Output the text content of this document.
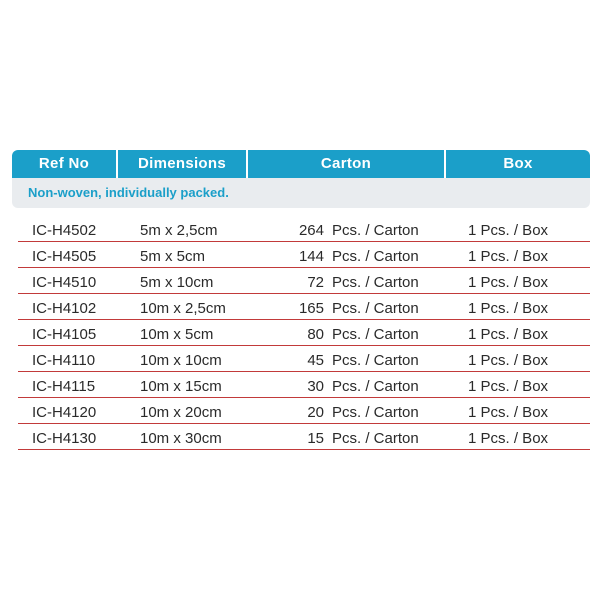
Ref No	Dimensions	Carton	Box
Non-woven, individually packed.
IC-H4502	5m x 2,5cm	264 Pcs. / Carton	1 Pcs. / Box
IC-H4505	5m x 5cm	144 Pcs. / Carton	1 Pcs. / Box
IC-H4510	5m x 10cm	72 Pcs. / Carton	1 Pcs. / Box
IC-H4102	10m x 2,5cm	165 Pcs. / Carton	1 Pcs. / Box
IC-H4105	10m x 5cm	80 Pcs. / Carton	1 Pcs. / Box
IC-H4110	10m x 10cm	45 Pcs. / Carton	1 Pcs. / Box
IC-H4115	10m x 15cm	30 Pcs. / Carton	1 Pcs. / Box
IC-H4120	10m x 20cm	20 Pcs. / Carton	1 Pcs. / Box
IC-H4130	10m x 30cm	15 Pcs. / Carton	1 Pcs. / Box
